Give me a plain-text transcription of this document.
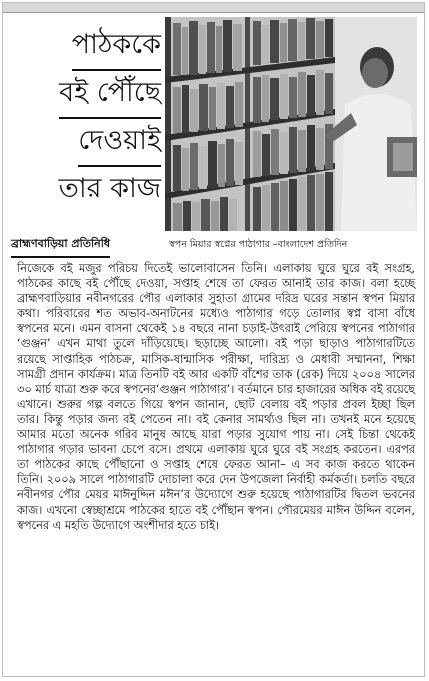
পাঠককে
বই পৌঁছে
দেওয়াই
তার কাজ
স্বপন মিয়ার স্বপ্নের পাঠাগার –বাংলাদেশ প্রতিদিন
ব্রাহ্মণবাড়িয়া প্রতিনিধি

নিজেকে বই মজুর পরিচয় দিতেই ভালোবাসেন তিনি। এলাকায় ঘুরে ঘুরে বই সংগ্রহ, পাঠকের কাছে বই পৌঁছে দেওয়া, সপ্তাহ শেষে তা ফেরত আনাই তার কাজ। বলা হচ্ছে ব্রাহ্মণবাড়িয়ার নবীনগরের পৌর এলাকার সুহাতা গ্রামের দরিদ্র ঘরের সন্তান স্বপন মিয়ার কথা। পরিবারের শত অভাব-অনাটনের মধ্যেও পাঠাগার গড়ে তোলার স্বপ্ন বাসা বাঁধে স্বপনের মনে। এমন বাসনা থেকেই ১৪ বছরে নানা চড়াই-উৎরাই পেরিয়ে স্বপনের পাঠাগার ‘গুঞ্জন’ এখন মাথা তুলে দাঁড়িয়েছে। ছড়াচ্ছে আলো। বই পড়া ছাড়াও পাঠাগারটিতে রয়েছে সাপ্তাহিক পাঠচক্র, মাসিক-ষান্মাসিক পরীক্ষা, দারিদ্র্য ও মেধাবী সম্মাননা, শিক্ষা সামগ্রী প্রদান কার্যক্রম। মাত্র তিনটি বই আর একটি বাঁশের তাক (রেক) দিয়ে ২০০৪ সালের ৩০ মার্চ যাত্রা শুরু করে স্বপনের‘গুঞ্জন পাঠাগার’। বর্তমানে চার হাজারের অধিক বই রয়েছে এখানে। শুরুর গল্প বলতে গিয়ে স্বপন জানান, ছোট বেলায় বই পড়ার প্রবল ইচ্ছা ছিল তার। কিন্তু পড়ার জন্য বই পেতেন না। বই কেনার সামর্থ্যও ছিল না। তখনই মনে হয়েছে আমার মতো অনেক গরিব মানুষ আছে যারা পড়ার সুযোগ পায় না। সেই চিন্তা থেকেই পাঠাগার গড়ার ভাবনা চেপে বসে। প্রথমে এলাকায় ঘুরে ঘুরে বই সংগ্রহ করতেন। এরপর তা পাঠকের কাছে পৌঁছানো ও সপ্তাহ শেষে ফেরত আনা– এ সব কাজ করতে থাকেন তিনি। ২০০৯ সালে পাঠাগারটি দোচালা করে দেন উপজেলা নির্বাহী কর্মকর্তা। চলতি বছরে নবীনগর পৌর মেয়র মাঈনুদ্দিন মঈন’র উদ্যোগে শুরু হয়েছে পাঠাগারটির দ্বিতল ভবনের কাজ। এখনো স্বেচ্ছাশ্রমে পাঠকের হাতে বই পৌঁছান স্বপন। পৌরমেয়র মাঈন উদ্দিন বলেন, স্বপনের এ মহতি উদ্যোগে অংশীদার হতে চাই।
